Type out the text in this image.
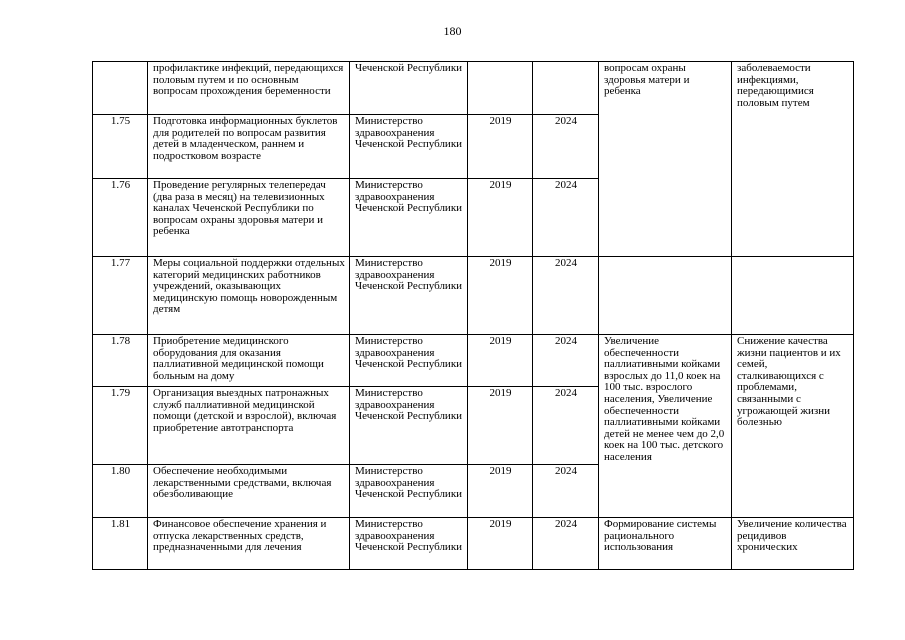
180
	профилактике инфекций, передающихся половым путем и по основным вопросам прохождения беременности	Чеченской Республики			вопросам охраны здоровья матери и ребенка	заболеваемости инфекциями, передающимися половым путем
1.75	Подготовка информационных буклетов для родителей по вопросам развития детей в младенческом, раннем и подростковом возрасте	Министерство здравоохранения Чеченской Республики	2019	2024		
1.76	Проведение регулярных телепередач (два раза в месяц) на телевизионных каналах Чеченской Республики по вопросам охраны здоровья матери и ребенка	Министерство здравоохранения Чеченской Республики	2019	2024		
1.77	Меры социальной поддержки отдельных категорий медицинских работников учреждений, оказывающих медицинскую помощь новорожденным детям	Министерство здравоохранения Чеченской Республики	2019	2024		
1.78	Приобретение медицинского оборудования для оказания паллиативной медицинской помощи больным на дому	Министерство здравоохранения Чеченской Республики	2019	2024	Увеличение обеспеченности паллиативными койками взрослых до 11,0 коек на 100 тыс. взрослого населения, Увеличение обеспеченности паллиативными койками детей не менее чем до 2,0 коек на 100 тыс. детского населения	Снижение качества жизни пациентов и их семей, сталкивающихся с проблемами, связанными с угрожающей жизни болезнью
1.79	Организация выездных патронажных служб паллиативной медицинской помощи (детской и взрослой), включая приобретение автотранспорта	Министерство здравоохранения Чеченской Республики	2019	2024		
1.80	Обеспечение необходимыми лекарственными средствами, включая обезболивающие	Министерство здравоохранения Чеченской Республики	2019	2024		
1.81	Финансовое обеспечение хранения и отпуска лекарственных средств, предназначенными для лечения	Министерство здравоохранения Чеченской Республики	2019	2024	Формирование системы рационального использования	Увеличение количества рецидивов хронических
